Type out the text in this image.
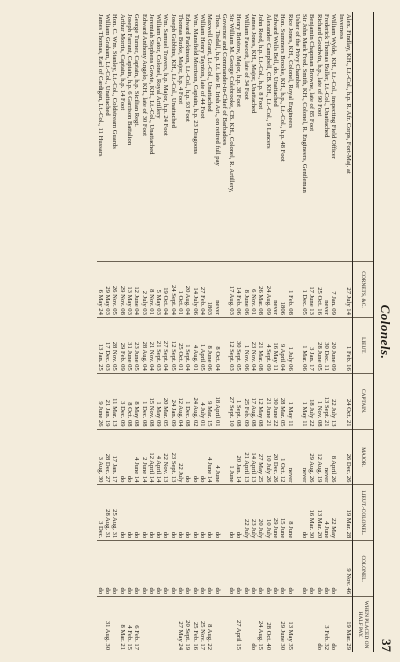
Colonels.
37
	CORNETS, &C.	LIEUT.	CAPTAIN.	MAJOR.	LIEUT.-COLONEL.	COLONEL.	WHEN PLACED ON HALF PAY.
Alex. Findlay, KH., Lt.-Col., h.p. R. Afr. Corps, Fort-Maj. at	27 July 14	1 Feb. 16	24 Oct. 21	26 Dec. 26	19 Mar. 28	9 Nov. 46	19 Mar. 29
Inverness							
William Wylde, KH., Lt.-Col., inspecting Field Officer	7 Jan. 09	20 June 09	22 July 13	8 April 26	22 May	do	do
Frederick Thomas Buller, Lt.-Col., Unattached	never	30 Dec. 11	13 Sept. 21	never	4 June	do	3 Feb. 32
Richard Goodwin, h.p., late of 90 Foot	25 Oct. 16	28 June 05	1 Nov. 08	12 Aug. 19	13 Mar. 20	do	do
Benjamin Chapman Browne, late of 85 Foot	17 June 13	3 Jan. 17	18 July 22	29 Aug. 26	16 Mar. 30	do	
Sir John Mark Fred. Smith, KH., Colonel, R. Engineers, Gentleman	1 Dec. 05	1 Mar. 06	1 May 11	never	do	do	
Usher of the Privy Chamber							
Rice Jones, KH., Colonel, Royal Engineers	1 Feb. 08	1 July 06	1 May 11	never	8 June	do	13 May 35
Hon. Summers Brooke, KH., h.p., Lt.-Col., h.p. 48 Foot	1806	9 April 04	28 Mar. 05	1 Oct. 12	15 June	do	29 June 30
Edward Wells Bell, do. Unattached	never	16 May 11	30 June 22	20 Dec. 26	29 June	do	
Alexander Campbell, CB. KH., Lt.-Col., 9 Lancers	24 Aug. 09	4 Sept. 09	21 June 21	10 July 26	10 July	do	28 Oct. 40
John Reed, h.p. Lt.-Col., h.p. 8 Foot	26 Mar. 08	21 Mar. 08	12 May 08	27 May 25	20 July	do	24 Aug. 15
James Jones, KH., Major, Unattached	6 Nov. 01	23 Nov. 04	17 Aug. 08	14 April 13	23 July	do	do
William Fawcett, late of 34 Foot	8 June 06	1 Nov. 06	25 Feb. 09	21 April 13	22 July	do	
Henry Bristow, Major, h.p. 38 Foot	14 Feb. 06	30 Sept. 05	1 Sept. 08	20 Jan. 14	do	do	27 April 15
Sir William M. George Colebrooke, CB. KH., Colonel, R. Artillery,	17 Aug. 03	12 Sept. 03	27 Sept. 10	1 June	do	do	
Governor and Commander-in-Chief of Barbadoes							
Thos. Tisdall, h.p. Lt. late R. Irish Art., on retired full pay	never	8 Oct. 04	18 April 01	4 June	do	do	
Maxwell Grant, Lt.-Col., Unattached	1803	8 June 06	9 Mar. 15	4 June 14	do	do	8 Aug. 22
William Henry Taynton, late of 44 Foot	27 Feb. 04	1 April 05	4 July 01	do	do	do	25 Nov. 17
Wm. Mansfield Morrison, Captain, h.p. 23 Dragoons	14 July 06	4 Aug. 01	24 Aug. 02	do	do	do	25 Feb. 16
Edward Parkinson, Lt.-Col., h.p. 93 Foot	20 Aug. 04	1 Sept. 04	1 Dec. 08	do	do	do	20 Sept. 19
Thomas Burke, Major, h.p. 4 Foot	1 Oct. 01	25 Oct. 01	12 Aug. 04	22 July	do	do	27 May 24
Joseph Gubbins, KH., Lt.-Col., Unattached	24 Sept. 04	12 Sept. 05	24 Jan. 09	23 Sept. 13	do	do	
Wm. Samuel Travers, h.p. Major, h.p. 24 Foot	19 Oct. 04	27 Sept. 04	20 Mar. 05	22 Nov. 13	do	do	
William Cator, Colonel, Royal Artillery	5 May 03	21 Sept. 03	1 May 09	4 April 14	do	do	
Jeremiah Stephens Gowie, KH., Lt.-Col., Unattached	8 Nov. 01	21 Nov. 04	15 Nov. 08	12 April 14	do	do	
Edward Anthony Angelo, KH., late of 30 Foot	2 July 03	28 Aug. 04	1 Dec. 08	2 June 14	do	do	
George Turner, Captain, h.p. Sicilian Regt.	12 June 04	23 June 05	8 May 08	4 June 14	do	do	6 Feb. 17
Joseph Farrant, Captain, h.p. 6 Garrison Battalion	13 May 03	31 June 05	8 Oct. 08	do	do	do	4 Feb. 15
Arthur Morris, Captain, h.p. 14 Foot	29 Nov. 08	29 Feb. 09	3 Dec. 09	do	do	do	8 Mar. 21
Hon. C. Wm. Stanley, Lt.-Col., Coldstream Guards	26 Nov. 05	28 Nov. 05	11 Mar. 13	17 Jan. 17	25 Aug. 31	do	
William Graham, Lt.-Col., Unattached	29 May 03	17 Dec. 03	21 Jan. 19	28 Dec. 27	28 Aug. 31	do	31 Aug. 30
James Thomas, Earl of Cardigan, Lt.-Col., 11 Hussars	6 May 24	13 Jan. 25	9 June 26	3 Aug. 30	3 Dec.	do	
